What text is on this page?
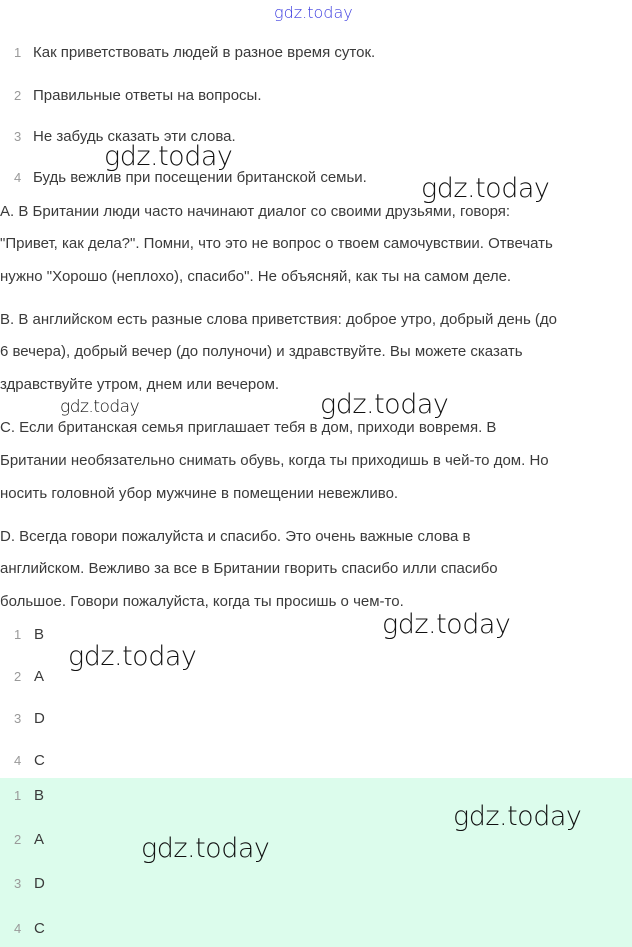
gdz.today
1 Как приветствовать людей в разное время суток.
2 Правильные ответы на вопросы.
3 Не забудь сказать эти слова.
4 Будь вежлив при посещении британской семьи.
A. В Британии люди часто начинают диалог со своими друзьями, говоря:
"Привет, как дела?". Помни, что это не вопрос о твоем самочувствии. Отвечать
нужно "Хорошо (неплохо), спасибо". Не объясняй, как ты на самом деле.
B. В английском есть разные слова приветствия: доброе утро, добрый день (до
6 вечера), добрый вечер (до полуночи) и здравствуйте. Вы можете сказать
здравствуйте утром, днем или вечером.
C. Если британская семья приглашает тебя в дом, приходи вовремя. В
Британии необязательно снимать обувь, когда ты приходишь в чей-то дом. Но
носить головной убор мужчине в помещении невежливо.
D. Всегда говори пожалуйста и спасибо. Это очень важные слова в
английском. Вежливо за все в Британии гворить спасибо илли спасибо
большое. Говори пожалуйста, когда ты просишь о чем-то.
1 B
2 A
3 D
4 C
1 B
2 A
3 D
4 C
gdz.today
gdz.today
gdz.today	gdz.today
gdz.today
gdz.today
gdz.today
gdz.today
